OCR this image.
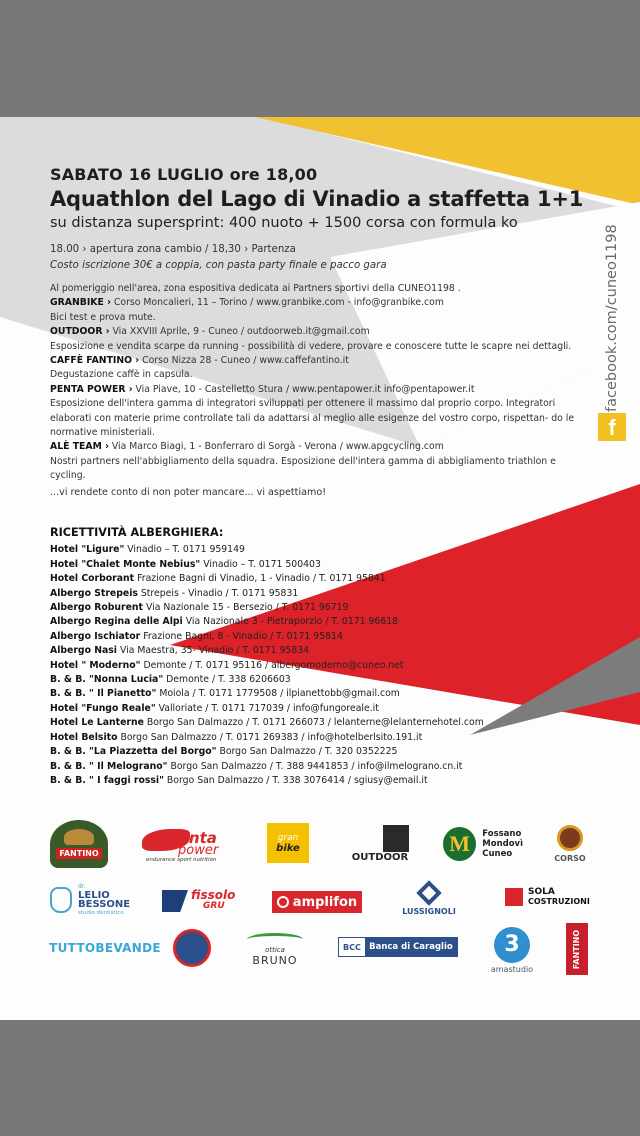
SABATO 16 LUGLIO ore 18,00
Aquathlon del Lago di Vinadio a staffetta 1+1
su distanza supersprint: 400 nuoto + 1500 corsa con formula ko
18.00 › apertura zona cambio / 18,30 › Partenza
Costo iscrizione 30€ a coppia, con pasta party finale e pacco gara
Al pomeriggio nell'area, zona espositiva dedicata ai Partners sportivi della CUNEO1198 .
GRANBIKE › Corso Moncalieri, 11 – Torino / www.granbike.com - info@granbike.com
Bici test e prova mute.
OUTDOOR › Via XXVIII Aprile, 9 - Cuneo / outdoorweb.it@gmail.com
Esposizione e vendita scarpe da running - possibilità di vedere, provare e conoscere tutte le scapre nei dettagli.
CAFFÈ FANTINO › Corso Nizza 28 - Cuneo / www.caffefantino.it
Degustazione caffè in capsula.
PENTA POWER › Via Piave, 10 - Castelletto Stura / www.pentapower.it info@pentapower.it
Esposizione dell'intera gamma di integratori sviluppati per ottenere il massimo dal proprio corpo. Integratori elaborati con materie prime controllate tali da adattarsi al meglio alle esigenze del vostro corpo, rispettan- do le normative ministeriali.
ALÈ TEAM › Via Marco Biagi, 1 - Bonferraro di Sorgà - Verona / www.apgcycling.com
Nostri partners nell'abbigliamento della squadra. Esposizione dell'intera gamma di abbigliamento triathlon e cycling.
...vi rendete conto di non poter mancare... vi aspettiamo!
RICETTIVITÀ ALBERGHIERA:
Hotel "Ligure" Vinadio – T. 0171 959149
Hotel "Chalet Monte Nebius" Vinadio – T. 0171 500403
Hotel Corborant Frazione Bagni di Vinadio, 1 - Vinadio / T. 0171 95841
Albergo Strepeis Strepeis - Vinadio / T. 0171 95831
Albergo Roburent Via Nazionale 15 - Bersezio / T. 0171 96719
Albergo Regina delle Alpi Via Nazionale 3 - Pietraporzio / T. 0171 96618
Albergo Ischiator Frazione Bagni, 8 - Vinadio / T. 0171 95814
Albergo Nasi Via Maestra, 35- Vinadio / T. 0171 95834
Hotel " Moderno" Demonte / T. 0171 95116 / albergomoderno@cuneo.net
B. & B. "Nonna Lucia" Demonte / T. 338 6206603
B. & B. " Il Pianetto" Moiola / T. 0171 1779508 / ilpianettobb@gmail.com
Hotel "Fungo Reale" Valloriate / T. 0171 717039 / info@fungoreale.it
Hotel Le Lanterne Borgo San Dalmazzo / T. 0171 266073 / lelanterne@lelanternehotel.com
Hotel Belsito Borgo San Dalmazzo / T. 0171 269383 / info@hotelberlsito.191.it
B. & B. "La Piazzetta del Borgo" Borgo San Dalmazzo / T. 320 0352225
B. & B. " Il Melograno" Borgo San Dalmazzo / T. 388 9441853 / info@ilmelograno.cn.it
B. & B. " I faggi rossi" Borgo San Dalmazzo / T. 338 3076414 / sgiusy@email.it
facebook.com/cuneo1198
f
FANTINO
penta
power
endurance sport nutrition
gran
bike
OUTDOOR
M	Fossano
Mondovì
Cuneo	CORSO
dr.
LELIO
BESSONE
studio dentistico
fissolo
GRU	amplifon
LUSSIGNOLI
SOLA
COSTRUZIONI
TUTTOBEVANDE	ottica
BRUNO
BCC Banca di Caraglio	3
amastudio
FANTINO
